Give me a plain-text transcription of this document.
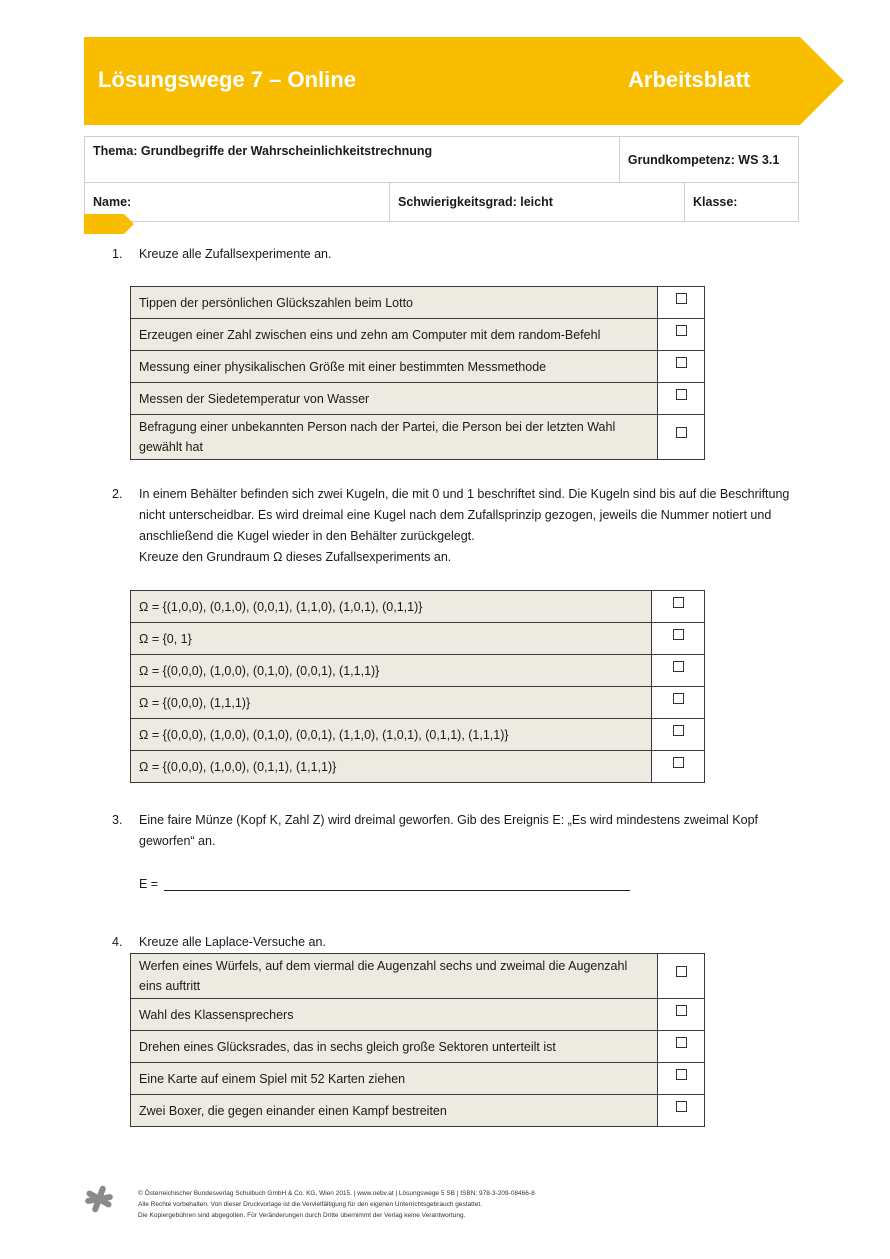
Lösungswege 7 – Online	Arbeitsblatt
Thema: Grundbegriffe der Wahrscheinlichkeitstrechnung		Grundkompetenz: WS 3.1	
Name:	Schwierigkeitsgrad: leicht		Klasse:
1. Kreuze alle Zufallsexperimente an.
Tippen der persönlichen Glückszahlen beim Lotto	
Erzeugen einer Zahl zwischen eins und zehn am Computer mit dem random-Befehl	
Messung einer physikalischen Größe mit einer bestimmten Messmethode	
Messen der Siedetemperatur von Wasser	
Befragung einer unbekannten Person nach der Partei, die Person bei der letzten Wahl gewählt hat	
2. In einem Behälter befinden sich zwei Kugeln, die mit 0 und 1 beschriftet sind. Die Kugeln sind bis auf die Beschriftung nicht unterscheidbar. Es wird dreimal eine Kugel nach dem Zufallsprinzip gezogen, jeweils die Nummer notiert und anschließend die Kugel wieder in den Behälter zurückgelegt.
Kreuze den Grundraum Ω dieses Zufallsexperiments an.
Ω = {(1,0,0), (0,1,0), (0,0,1), (1,1,0), (1,0,1), (0,1,1)}	
Ω = {0, 1}	
Ω = {(0,0,0), (1,0,0), (0,1,0), (0,0,1), (1,1,1)}	
Ω = {(0,0,0), (1,1,1)}	
Ω = {(0,0,0), (1,0,0), (0,1,0), (0,0,1), (1,1,0), (1,0,1), (0,1,1), (1,1,1)}	
Ω = {(0,0,0), (1,0,0), (0,1,1), (1,1,1)}	
3. Eine faire Münze (Kopf K, Zahl Z) wird dreimal geworfen. Gib des Ereignis E: „Es wird mindestens zweimal Kopf geworfen“ an.
E =
4. Kreuze alle Laplace-Versuche an.
Werfen eines Würfels, auf dem viermal die Augenzahl sechs und zweimal die Augenzahl eins auftritt	
Wahl des Klassensprechers	
Drehen eines Glücksrades, das in sechs gleich große Sektoren unterteilt ist	
Eine Karte auf einem Spiel mit 52 Karten ziehen	
Zwei Boxer, die gegen einander einen Kampf bestreiten	
© Österreichischer Bundesverlag Schulbuch GmbH & Co. KG, Wien 2015. | www.oebv.at | Lösungswege 5 SB | ISBN: 978-3-209-08466-8
Alle Rechte vorbehalten. Von dieser Druckvorlage ist die Vervielfältigung für den eigenen Unterrichtsgebrauch gestattet.
Die Kopiergebühren sind abgegolten. Für Veränderungen durch Dritte übernimmt der Verlag keine Verantwortung.
